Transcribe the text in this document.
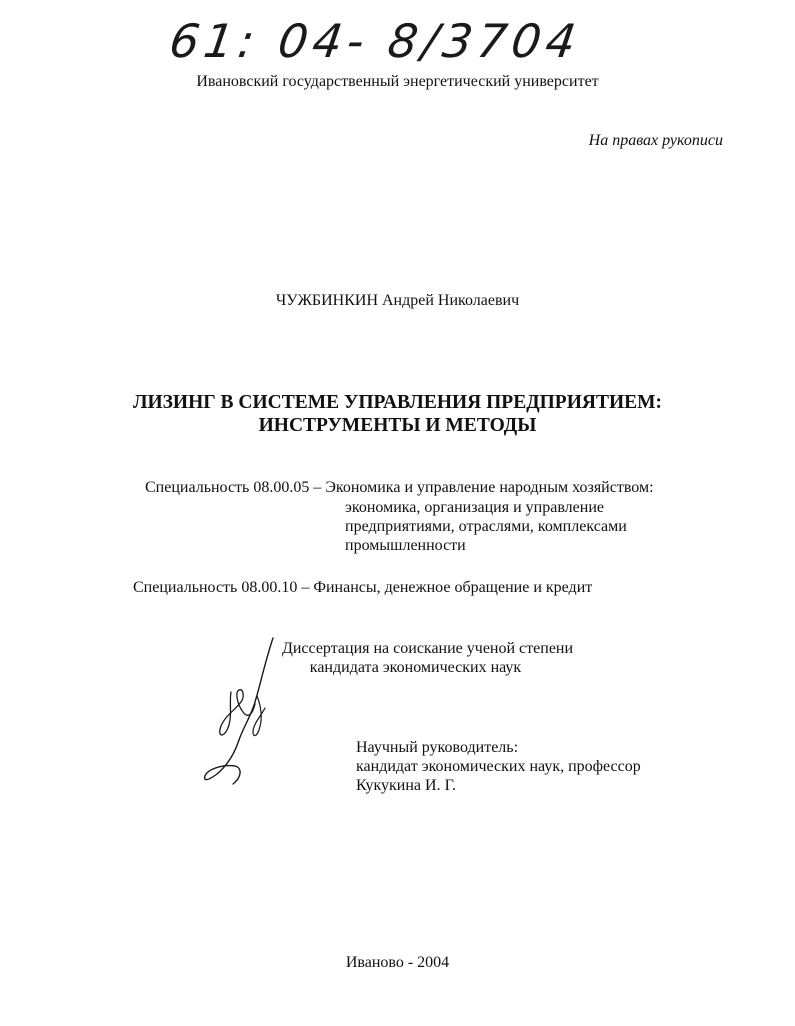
61: 04- 8/3704
Ивановский государственный энергетический университет
На правах рукописи
ЧУЖБИНКИН Андрей Николаевич
ЛИЗИНГ В СИСТЕМЕ УПРАВЛЕНИЯ ПРЕДПРИЯТИЕМ:
ИНСТРУМЕНТЫ И МЕТОДЫ
Специальность 08.00.05 – Экономика и управление народным хозяйством:
экономика, организация и управление
предприятиями, отраслями, комплексами
промышленности
Специальность 08.00.10 – Финансы, денежное обращение и кредит
Диссертация на соискание ученой степени
кандидата экономических наук
Научный руководитель:
кандидат экономических наук, профессор
Кукукина И. Г.
Иваново - 2004
